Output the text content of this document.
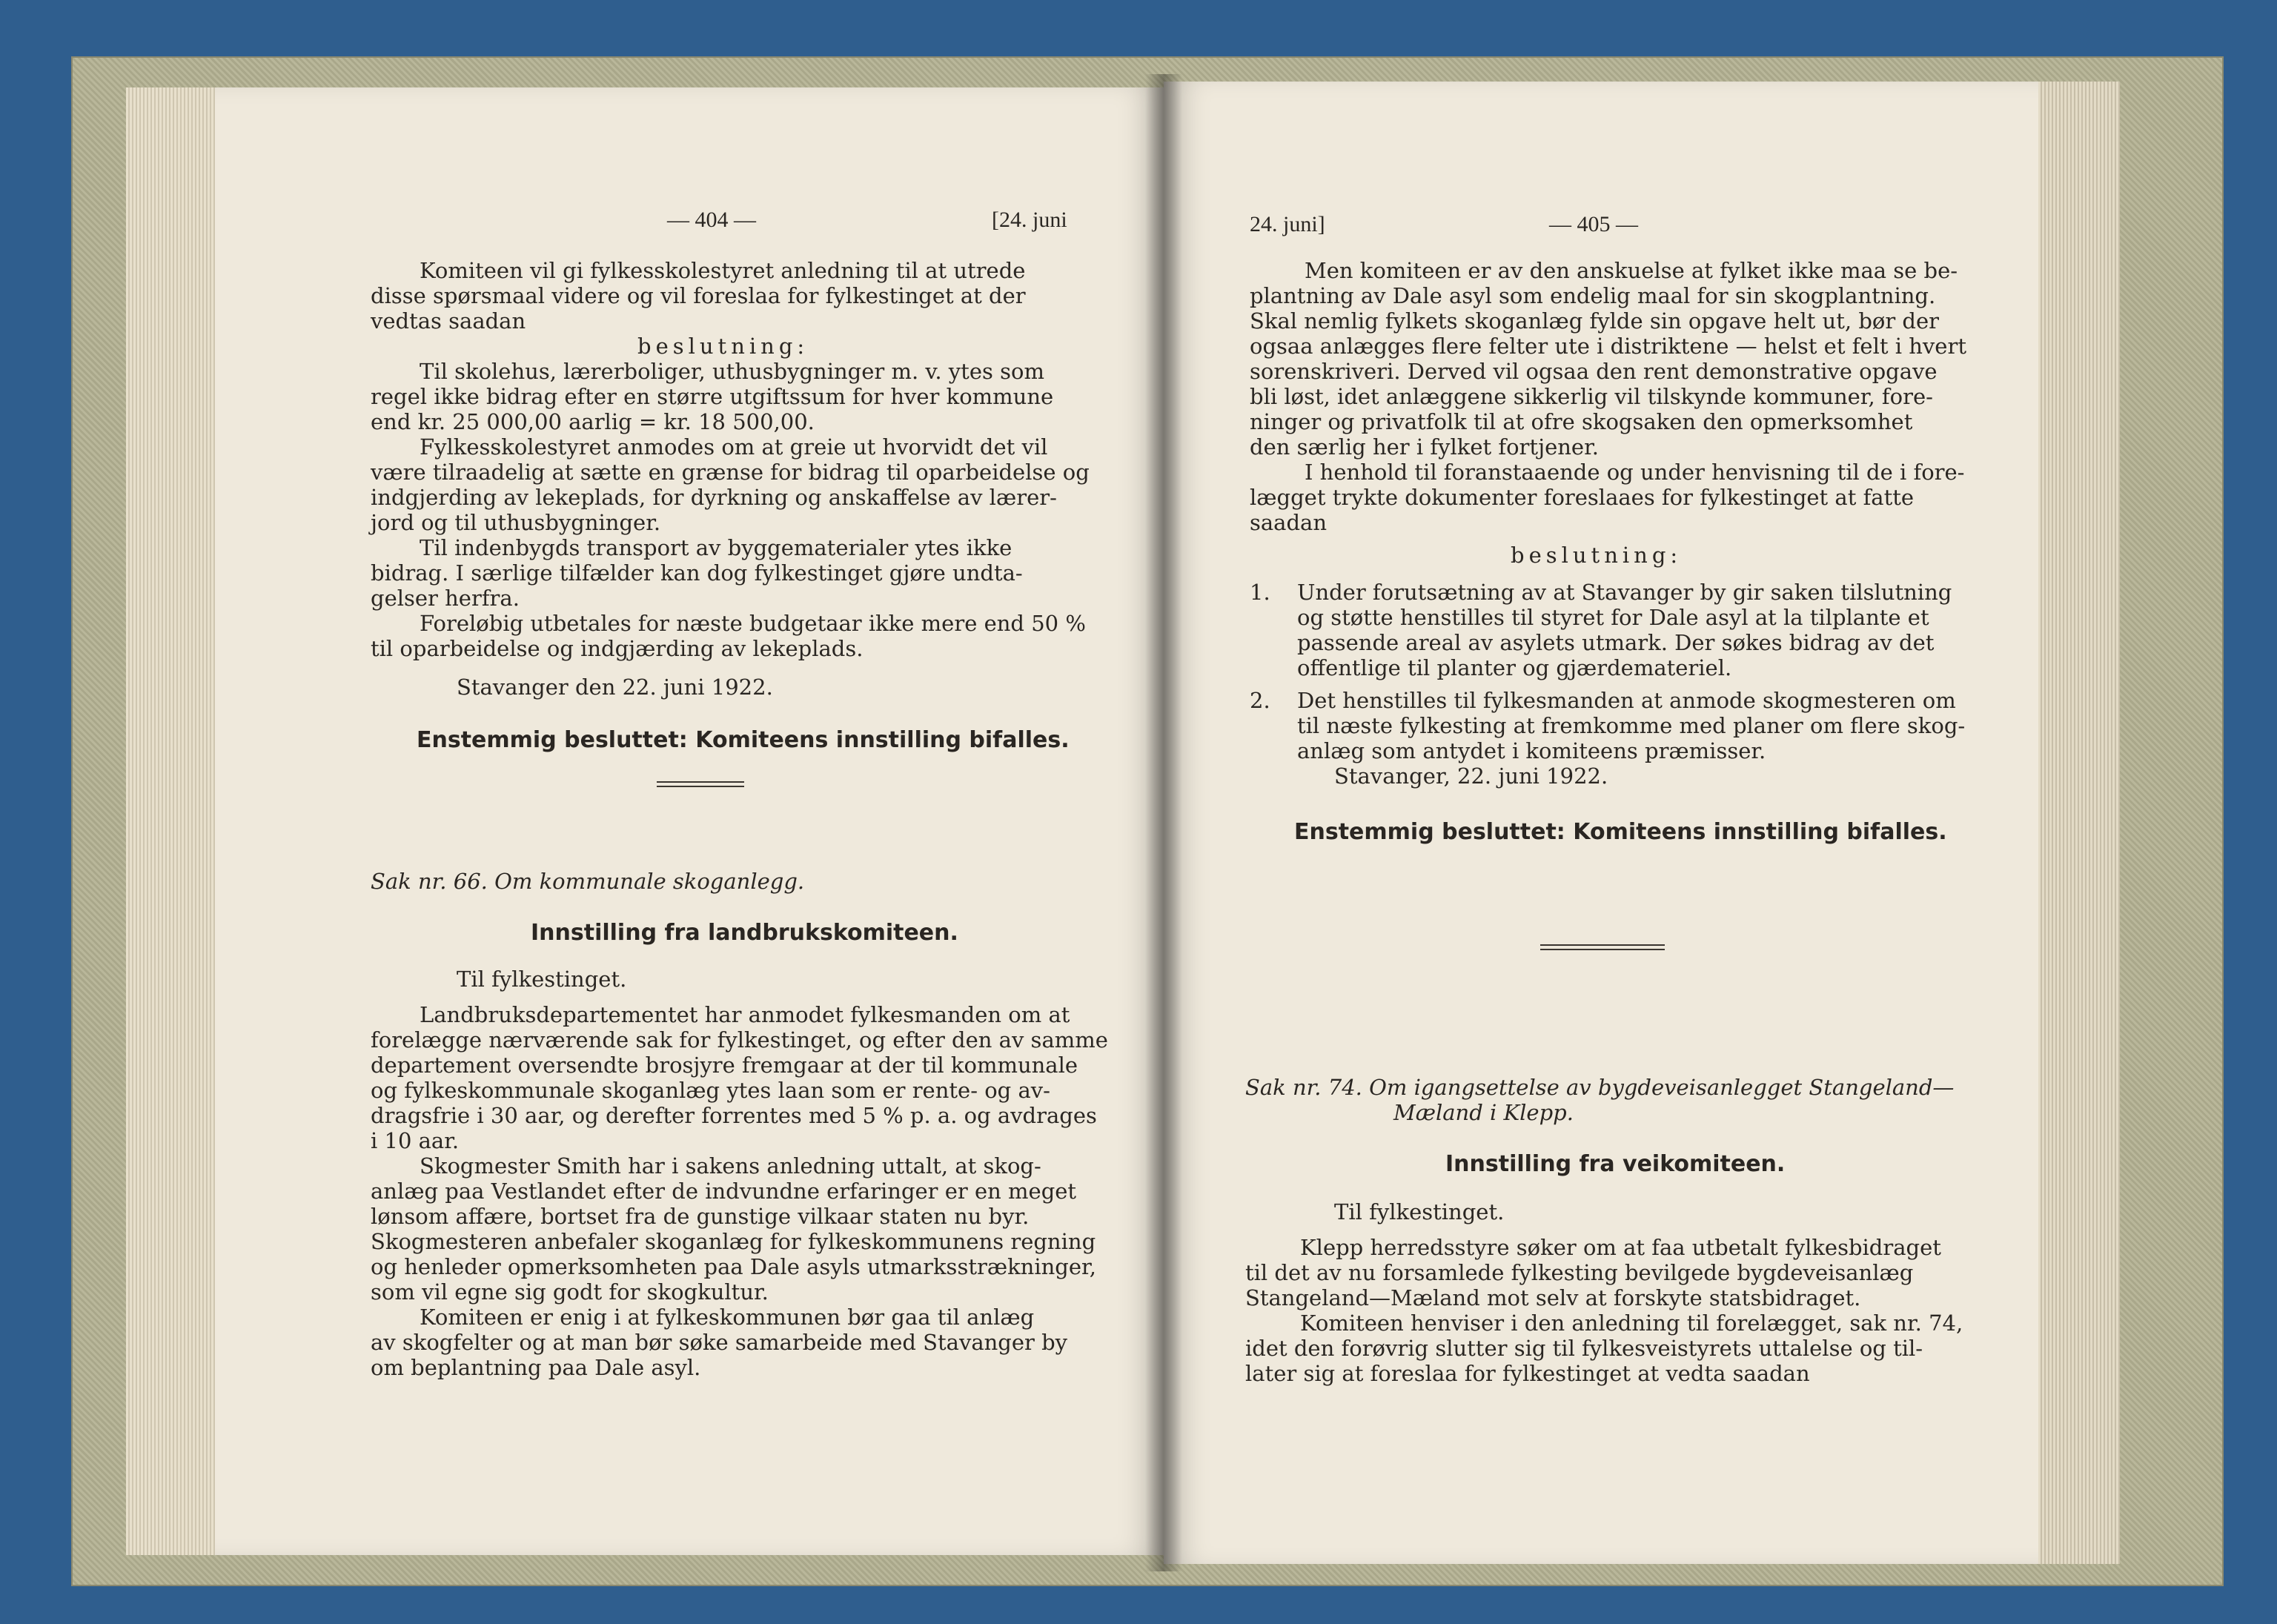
— 404 —	[24. juni
Komiteen vil gi fylkesskolestyret anledning til at utrede
disse spørsmaal videre og vil foreslaa for fylkestinget at der
vedtas saadan
beslutning:
Til skolehus, lærerboliger, uthusbygninger m. v. ytes som
regel ikke bidrag efter en større utgiftssum for hver kommune
end kr. 25 000,00 aarlig = kr. 18 500,00.
Fylkesskolestyret anmodes om at greie ut hvorvidt det vil
være tilraadelig at sætte en grænse for bidrag til oparbeidelse og
indgjerding av lekeplads, for dyrkning og anskaffelse av lærer-
jord og til uthusbygninger.
Til indenbygds transport av byggematerialer ytes ikke
bidrag. I særlige tilfælder kan dog fylkestinget gjøre undta-
gelser herfra.
Foreløbig utbetales for næste budgetaar ikke mere end 50 %
til oparbeidelse og indgjærding av lekeplads.
Stavanger den 22. juni 1922.
Enstemmig besluttet: Komiteens innstilling bifalles.
Sak nr. 66. Om kommunale skoganlegg.
Innstilling fra landbrukskomiteen.
Til fylkestinget.
Landbruksdepartementet har anmodet fylkesmanden om at
forelægge nærværende sak for fylkestinget, og efter den av samme
departement oversendte brosjyre fremgaar at der til kommunale
og fylkeskommunale skoganlæg ytes laan som er rente- og av-
dragsfrie i 30 aar, og derefter forrentes med 5 % p. a. og avdrages
i 10 aar.
Skogmester Smith har i sakens anledning uttalt, at skog-
anlæg paa Vestlandet efter de indvundne erfaringer er en meget
lønsom affære, bortset fra de gunstige vilkaar staten nu byr.
Skogmesteren anbefaler skoganlæg for fylkeskommunens regning
og henleder opmerksomheten paa Dale asyls utmarksstrækninger,
som vil egne sig godt for skogkultur.
Komiteen er enig i at fylkeskommunen bør gaa til anlæg
av skogfelter og at man bør søke samarbeide med Stavanger by
om beplantning paa Dale asyl.
24. juni]	— 405 —
Men komiteen er av den anskuelse at fylket ikke maa se be-
plantning av Dale asyl som endelig maal for sin skogplantning.
Skal nemlig fylkets skoganlæg fylde sin opgave helt ut, bør der
ogsaa anlægges flere felter ute i distriktene — helst et felt i hvert
sorenskriveri. Derved vil ogsaa den rent demonstrative opgave
bli løst, idet anlæggene sikkerlig vil tilskynde kommuner, fore-
ninger og privatfolk til at ofre skogsaken den opmerksomhet
den særlig her i fylket fortjener.
I henhold til foranstaaende og under henvisning til de i fore-
lægget trykte dokumenter foreslaaes for fylkestinget at fatte
saadan
beslutning:
1. Under forutsætning av at Stavanger by gir saken tilslutning
og støtte henstilles til styret for Dale asyl at la tilplante et
passende areal av asylets utmark. Der søkes bidrag av det
offentlige til planter og gjærdemateriel.
2. Det henstilles til fylkesmanden at anmode skogmesteren om
til næste fylkesting at fremkomme med planer om flere skog-
anlæg som antydet i komiteens præmisser.
Stavanger, 22. juni 1922.
Enstemmig besluttet: Komiteens innstilling bifalles.
Sak nr. 74. Om igangsettelse av bygdeveisanlegget Stangeland—
Mæland i Klepp.
Innstilling fra veikomiteen.
Til fylkestinget.
Klepp herredsstyre søker om at faa utbetalt fylkesbidraget
til det av nu forsamlede fylkesting bevilgede bygdeveisanlæg
Stangeland—Mæland mot selv at forskyte statsbidraget.
Komiteen henviser i den anledning til forelægget, sak nr. 74,
idet den forøvrig slutter sig til fylkesveistyrets uttalelse og til-
later sig at foreslaa for fylkestinget at vedta saadan
